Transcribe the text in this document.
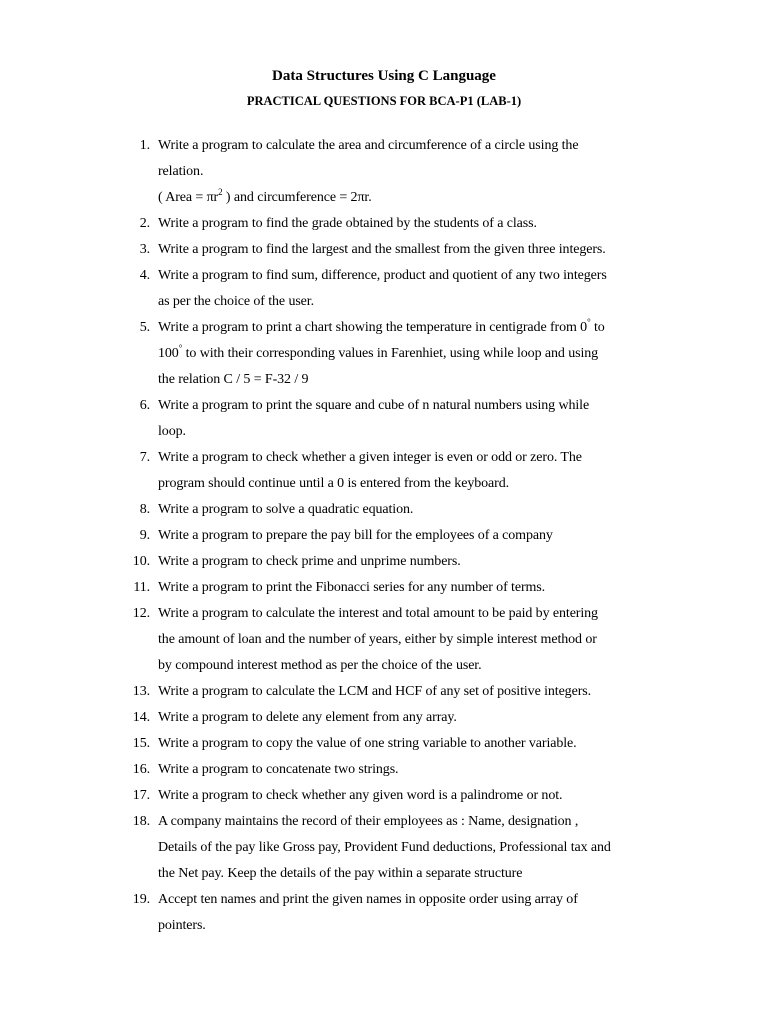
Data Structures Using C Language
PRACTICAL QUESTIONS FOR BCA-P1 (LAB-1)
1. Write a program to calculate the area and circumference of a circle using the
relation.
( Area = $\pi r^2$ ) and circumference = 2πr.
2. Write a program to find the grade obtained by the students of a class.
3. Write a program to find the largest and the smallest from the given three integers.
4. Write a program to find sum, difference, product and quotient of any two integers
as per the choice of the user.
5. Write a program to print a chart showing the temperature in centigrade from 0° to
100° to with their corresponding values in Farenhiet, using while loop and using
the relation C / 5 = F-32 / 9
6. Write a program to print the square and cube of n natural numbers using while
loop.
7. Write a program to check whether a given integer is even or odd or zero. The
program should continue until a 0 is entered from the keyboard.
8. Write a program to solve a quadratic equation.
9. Write a program to prepare the pay bill for the employees of a company
10. Write a program to check prime and unprime numbers.
11. Write a program to print the Fibonacci series for any number of terms.
12. Write a program to calculate the interest and total amount to be paid by entering
the amount of loan and the number of years, either by simple interest method or
by compound interest method as per the choice of the user.
13. Write a program to calculate the LCM and HCF of any set of positive integers.
14. Write a program to delete any element from any array.
15. Write a program to copy the value of one string variable to another variable.
16. Write a program to concatenate two strings.
17. Write a program to check whether any given word is a palindrome or not.
18. A company maintains the record of their employees as : Name, designation ,
Details of the pay like Gross pay, Provident Fund deductions, Professional tax and
the Net pay. Keep the details of the pay within a separate structure
19. Accept ten names and print the given names in opposite order using array of
pointers.
